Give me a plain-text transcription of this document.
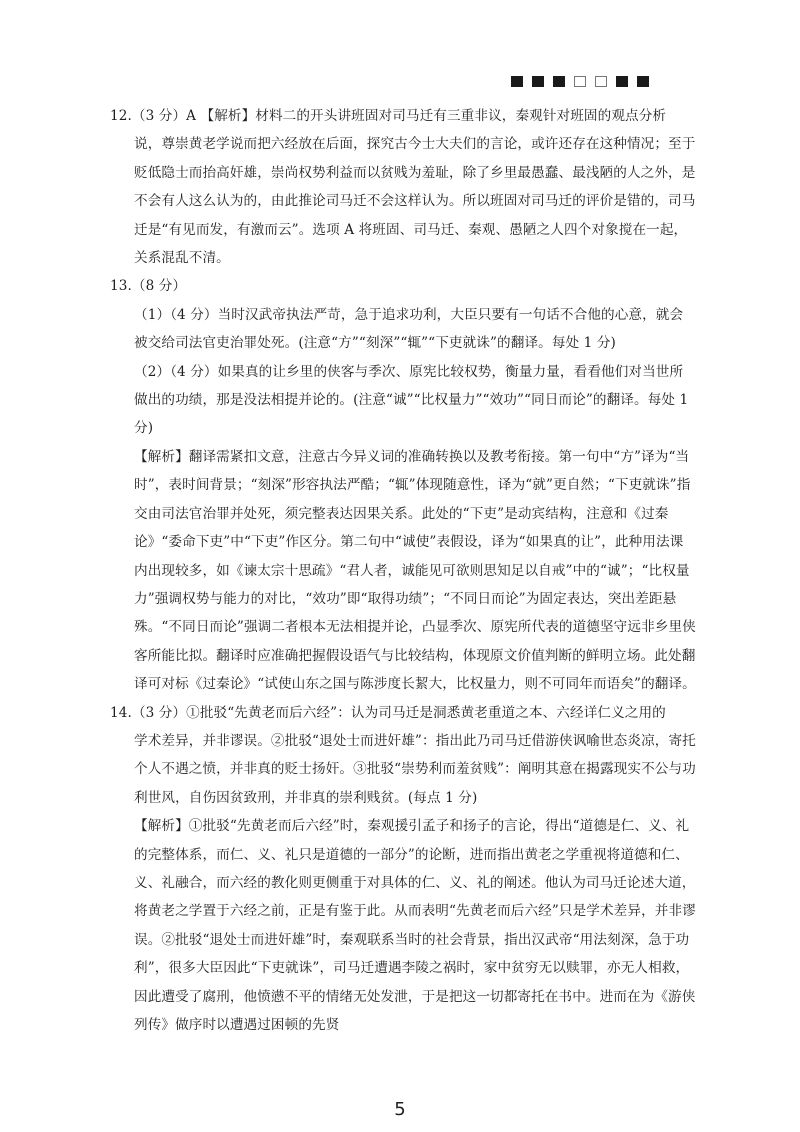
12.（3 分）A 【解析】材料二的开头讲班固对司马迁有三重非议，秦观针对班固的观点分析

说，尊崇黄老学说而把六经放在后面，探究古今士大夫们的言论，或许还存在这种情况；至于贬低隐士而抬高奸雄，崇尚权势利益而以贫贱为羞耻，除了乡里最愚蠢、最浅陋的人之外，是不会有人这么认为的，由此推论司马迁不会这样认为。所以班固对司马迁的评价是错的，司马迁是“有见而发，有激而云”。选项 A 将班固、司马迁、秦观、愚陋之人四个对象搅在一起，关系混乱不清。

13.（8 分）

（1）（4 分）当时汉武帝执法严苛，急于追求功利，大臣只要有一句话不合他的心意，就会被交给司法官吏治罪处死。(注意“方”“刻深”“辄”“下吏就诛”的翻译。每处 1 分)

（2）（4 分）如果真的让乡里的侠客与季次、原宪比较权势，衡量力量，看看他们对当世所做出的功绩，那是没法相提并论的。(注意“诚”“比权量力”“效功”“同日而论”的翻译。每处 1 分)

【解析】翻译需紧扣文意，注意古今异义词的准确转换以及教考衔接。第一句中“方”译为“当时”，表时间背景；“刻深”形容执法严酷；“辄”体现随意性，译为“就”更自然；“下吏就诛”指交由司法官治罪并处死，须完整表达因果关系。此处的“下吏”是动宾结构，注意和《过秦论》“委命下吏”中“下吏”作区分。第二句中“诚使”表假设，译为“如果真的让”，此种用法课内出现较多，如《谏太宗十思疏》“君人者，诚能见可欲则思知足以自戒”中的“诚”；“比权量力”强调权势与能力的对比，“效功”即“取得功绩”；“不同日而论”为固定表达，突出差距悬殊。“不同日而论”强调二者根本无法相提并论，凸显季次、原宪所代表的道德坚守远非乡里侠客所能比拟。翻译时应准确把握假设语气与比较结构，体现原文价值判断的鲜明立场。此处翻译可对标《过秦论》“试使山东之国与陈涉度长絜大，比权量力，则不可同年而语矣”的翻译。

14.（3 分）①批驳“先黄老而后六经”：认为司马迁是洞悉黄老重道之本、六经详仁义之用的

学术差异，并非谬误。②批驳“退处士而进奸雄”：指出此乃司马迁借游侠讽喻世态炎凉，寄托个人不遇之愤，并非真的贬士扬奸。③批驳“崇势利而羞贫贱”：阐明其意在揭露现实不公与功利世风，自伤因贫致刑，并非真的崇利贱贫。(每点 1 分)

【解析】①批驳“先黄老而后六经”时，秦观援引孟子和扬子的言论，得出“道德是仁、义、礼的完整体系，而仁、义、礼只是道德的一部分”的论断，进而指出黄老之学重视将道德和仁、义、礼融合，而六经的教化则更侧重于对具体的仁、义、礼的阐述。他认为司马迁论述大道，将黄老之学置于六经之前，正是有鉴于此。从而表明“先黄老而后六经”只是学术差异，并非谬误。②批驳“退处士而进奸雄”时，秦观联系当时的社会背景，指出汉武帝“用法刻深，急于功利”，很多大臣因此“下吏就诛”，司马迁遭遇李陵之祸时，家中贫穷无以赎罪，亦无人相救，因此遭受了腐刑，他愤懑不平的情绪无处发泄，于是把这一切都寄托在书中。进而在为《游侠列传》做序时以遭遇过困顿的先贤

5
